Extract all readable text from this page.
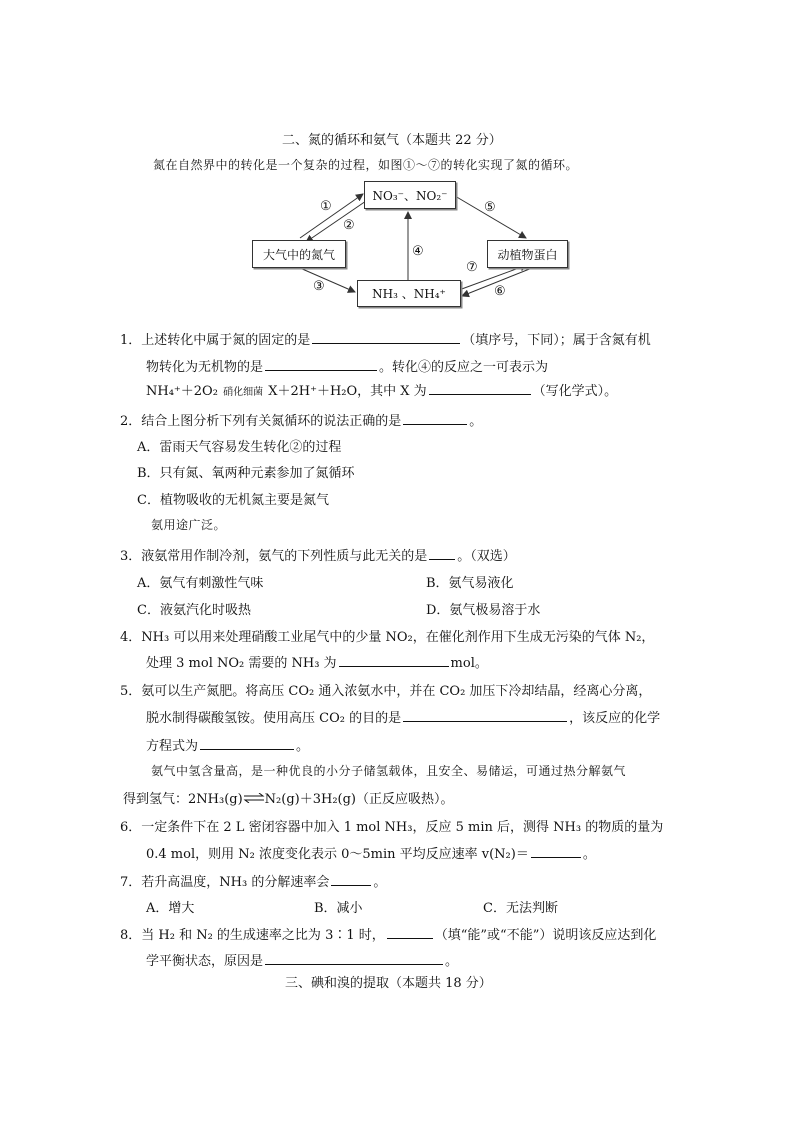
二、氮的循环和氨气（本题共 22 分）
氮在自然界中的转化是一个复杂的过程，如图①～⑦的转化实现了氮的循环。
NO₃⁻、NO₂⁻
大气中的氮气	动植物蛋白
NH₃ 、NH₄⁺
①
②
③
④
⑤
⑥
⑦
1．上述转化中属于氮的固定的是	（填序号，下同）；属于含氮有机
物转化为无机物的是	。转化④的反应之一可表示为
NH₄⁺＋2O₂ 硝化细菌 X＋2H⁺＋H₂O，其中 X 为	（写化学式）。
2．结合上图分析下列有关氮循环的说法正确的是	。
A．雷雨天气容易发生转化②的过程
B．只有氮、氧两种元素参加了氮循环
C．植物吸收的无机氮主要是氮气
氨用途广泛。
3．液氨常用作制冷剂，氨气的下列性质与此无关的是 。（双选）
A．氨气有刺激性气味	B．氨气易液化
C．液氨汽化时吸热	D．氨气极易溶于水
4．NH₃ 可以用来处理硝酸工业尾气中的少量 NO₂，在催化剂作用下生成无污染的气体 N₂，
处理 3 mol NO₂ 需要的 NH₃ 为	mol。
5．氨可以生产氮肥。将高压 CO₂ 通入浓氨水中，并在 CO₂ 加压下冷却结晶，经离心分离，
脱水制得碳酸氢铵。使用高压 CO₂ 的目的是	，该反应的化学
方程式为	。
氨气中氢含量高，是一种优良的小分子储氢载体，且安全、易储运，可通过热分解氨气
得到氢气：2NH₃(g)⇌N₂(g)＋3H₂(g)（正反应吸热）。
6．一定条件下在 2 L 密闭容器中加入 1 mol NH₃，反应 5 min 后，测得 NH₃ 的物质的量为
0.4 mol，则用 N₂ 浓度变化表示 0～5min 平均反应速率 v(N₂)＝	。
7．若升高温度，NH₃ 的分解速率会	。
A．增大	B．减小	C．无法判断
8．当 H₂ 和 N₂ 的生成速率之比为 3∶1 时，	（填“能”或“不能”）说明该反应达到化
学平衡状态，原因是	。
三、碘和溴的提取（本题共 18 分）
